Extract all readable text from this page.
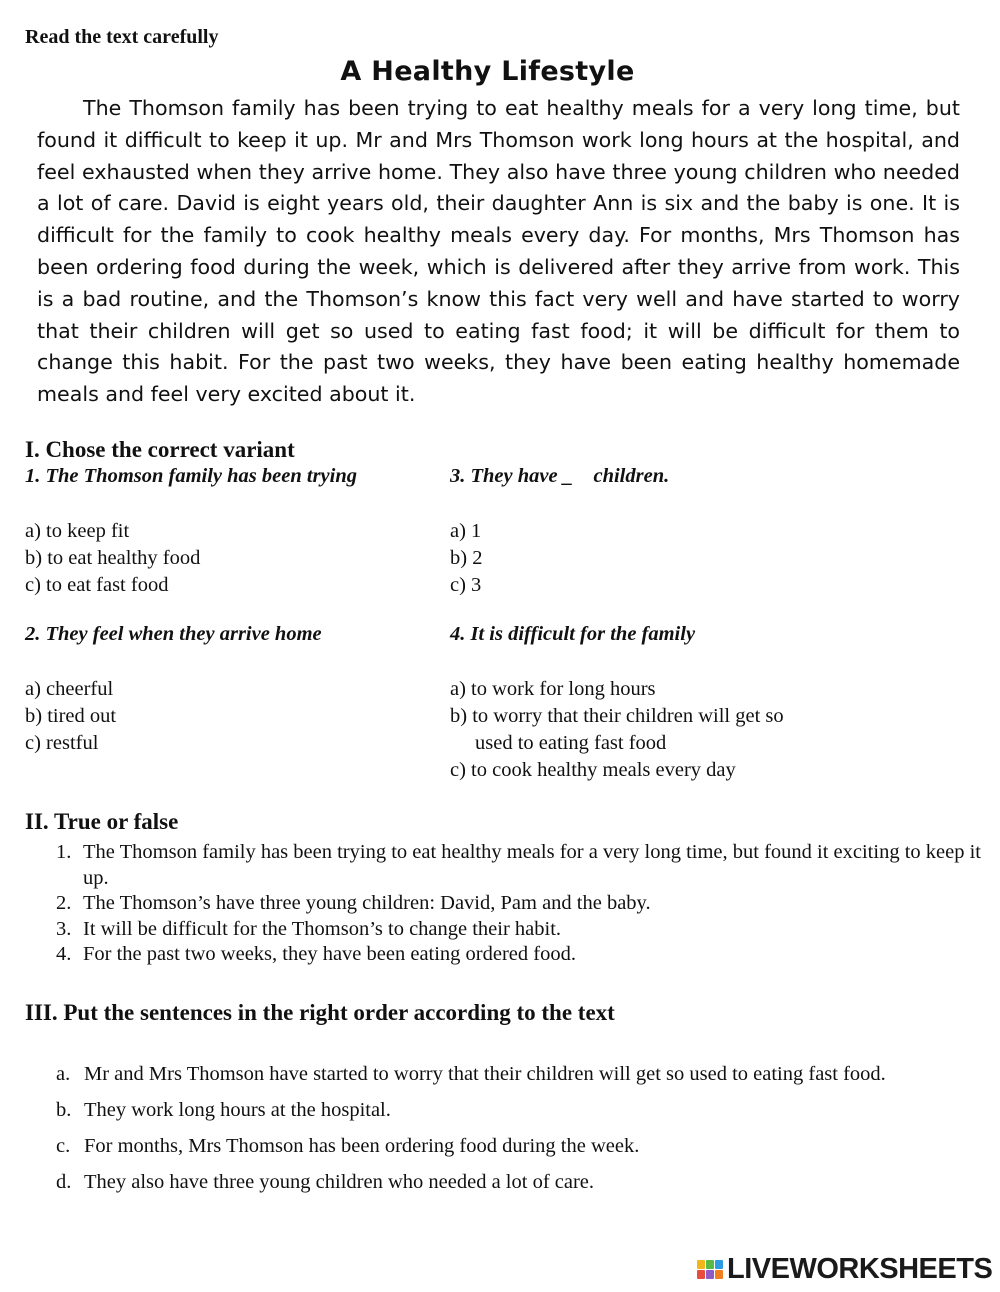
Read the text carefully
A Healthy Lifestyle

The Thomson family has been trying to eat healthy meals for a very long time, but found it difficult to keep it up. Mr and Mrs Thomson work long hours at the hospital, and feel exhausted when they arrive home. They also have three young children who needed a lot of care. David is eight years old, their daughter Ann is six and the baby is one. It is difficult for the family to cook healthy meals every day. For months, Mrs Thomson has been ordering food during the week, which is delivered after they arrive from work. This is a bad routine, and the Thomson’s know this fact very well and have started to worry that their children will get so used to eating fast food; it will be difficult for them to change this habit. For the past two weeks, they have been eating healthy homemade meals and feel very excited about it.

I. Chose the correct variant
1. The Thomson family has been trying
a) to keep fit
b) to eat healthy food
c) to eat fast food
2. They feel when they arrive home
a) cheerful
b) tired out
c) restful
3. They have _    children.
a) 1
b) 2
c) 3
4. It is difficult for the family
a) to work for long hours
b) to worry that their children will get so
used to eating fast food
c) to cook healthy meals every day
II. True or false
1. The Thomson family has been trying to eat healthy meals for a very long time, but found it exciting to keep it up.
2. The Thomson’s have three young children: David, Pam and the baby.
3. It will be difficult for the Thomson’s to change their habit.
4. For the past two weeks, they have been eating ordered food.
III. Put the sentences in the right order according to the text
a. Mr and Mrs Thomson have started to worry that their children will get so used to eating fast food.
b. They work long hours at the hospital.
c. For months, Mrs Thomson has been ordering food during the week.
d. They also have three young children who needed a lot of care.
LIVEWORKSHEETS
